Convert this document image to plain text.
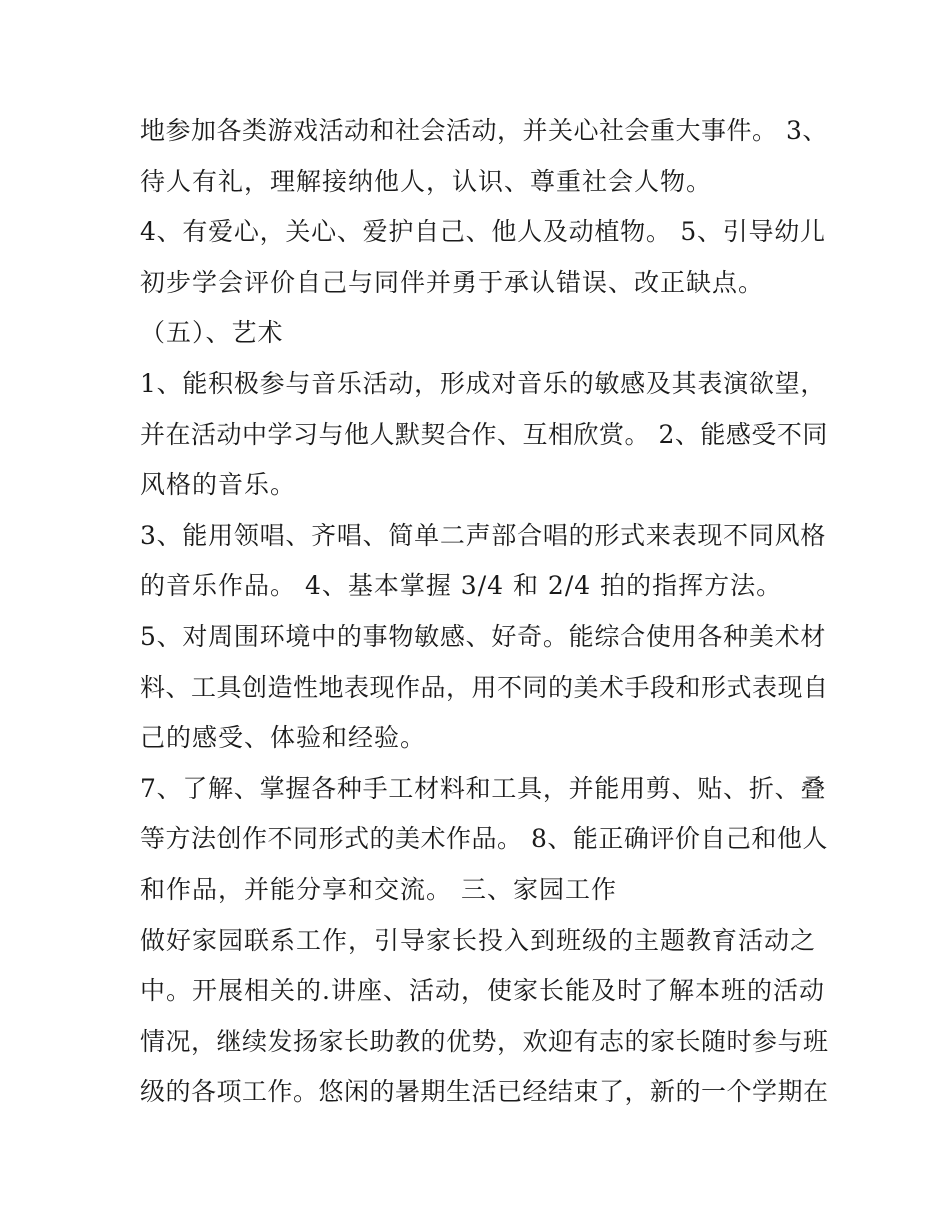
地参加各类游戏活动和社会活动，并关心社会重大事件。 3、
待人有礼，理解接纳他人，认识、尊重社会人物。
4、有爱心，关心、爱护自己、他人及动植物。 5、引导幼儿
初步学会评价自己与同伴并勇于承认错误、改正缺点。
（五）、艺术
1、能积极参与音乐活动，形成对音乐的敏感及其表演欲望，
并在活动中学习与他人默契合作、互相欣赏。 2、能感受不同
风格的音乐。
3、能用领唱、齐唱、简单二声部合唱的形式来表现不同风格
的音乐作品。 4、基本掌握 3/4 和 2/4 拍的指挥方法。
5、对周围环境中的事物敏感、好奇。能综合使用各种美术材
料、工具创造性地表现作品，用不同的美术手段和形式表现自
己的感受、体验和经验。
7、了解、掌握各种手工材料和工具，并能用剪、贴、折、叠
等方法创作不同形式的美术作品。 8、能正确评价自己和他人
和作品，并能分享和交流。 三、家园工作
做好家园联系工作，引导家长投入到班级的主题教育活动之
中。开展相关的.讲座、活动，使家长能及时了解本班的活动
情况，继续发扬家长助教的优势，欢迎有志的家长随时参与班
级的各项工作。悠闲的暑期生活已经结束了，新的一个学期在
